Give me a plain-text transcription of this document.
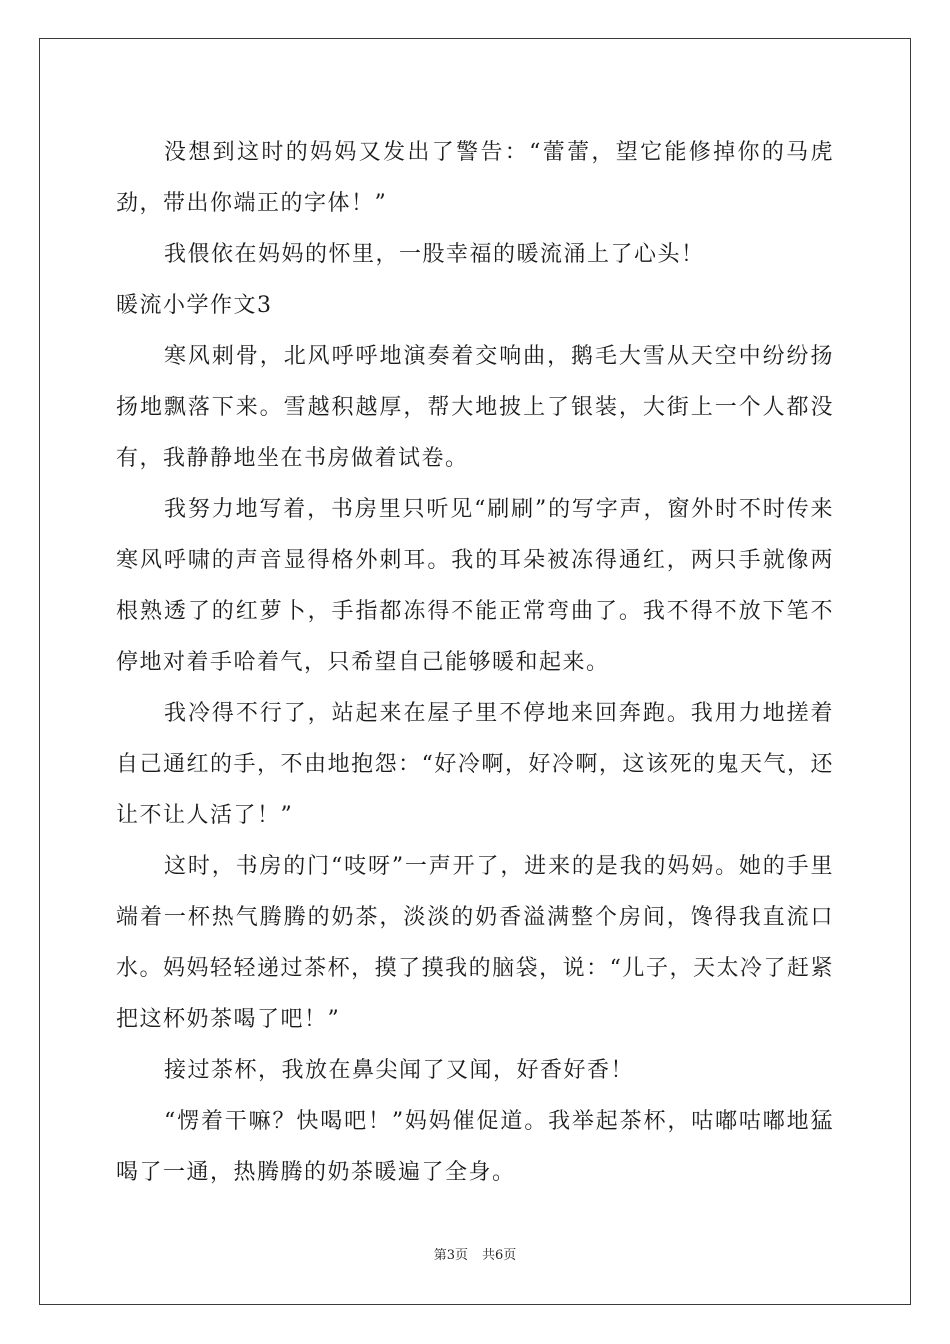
没想到这时的妈妈又发出了警告：“蕾蕾，望它能修掉你的马虎劲，带出你端正的字体！”

我偎依在妈妈的怀里，一股幸福的暖流涌上了心头！

暖流小学作文3

寒风刺骨，北风呼呼地演奏着交响曲，鹅毛大雪从天空中纷纷扬扬地飘落下来。雪越积越厚，帮大地披上了银装，大街上一个人都没有，我静静地坐在书房做着试卷。

我努力地写着，书房里只听见“刷刷”的写字声，窗外时不时传来寒风呼啸的声音显得格外刺耳。我的耳朵被冻得通红，两只手就像两根熟透了的红萝卜，手指都冻得不能正常弯曲了。我不得不放下笔不停地对着手哈着气，只希望自己能够暖和起来。

我冷得不行了，站起来在屋子里不停地来回奔跑。我用力地搓着自己通红的手，不由地抱怨：“好冷啊，好冷啊，这该死的鬼天气，还让不让人活了！”

这时，书房的门“吱呀”一声开了，进来的是我的妈妈。她的手里端着一杯热气腾腾的奶茶，淡淡的奶香溢满整个房间，馋得我直流口水。妈妈轻轻递过茶杯，摸了摸我的脑袋，说：“儿子，天太冷了赶紧把这杯奶茶喝了吧！”

接过茶杯，我放在鼻尖闻了又闻，好香好香！

“愣着干嘛？快喝吧！”妈妈催促道。我举起茶杯，咕嘟咕嘟地猛喝了一通，热腾腾的奶茶暖遍了全身。

第3页 共6页
